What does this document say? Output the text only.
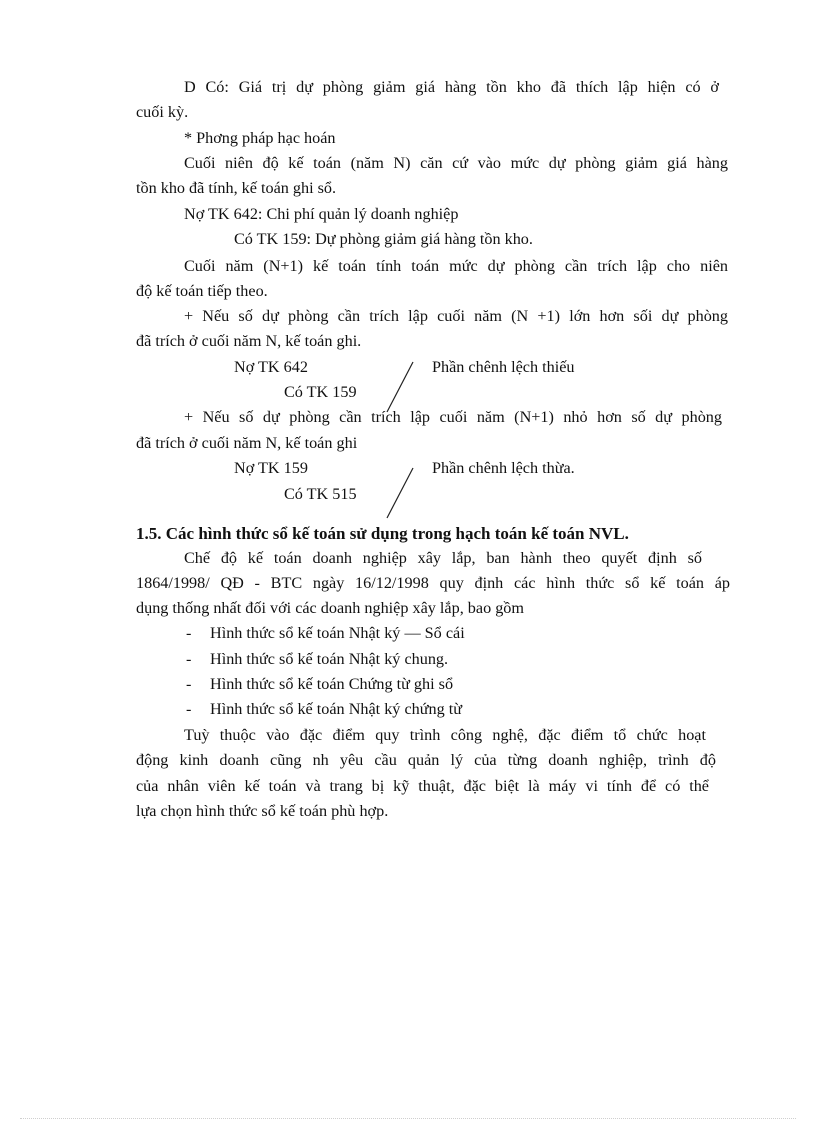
D Có: Giá trị dự phòng giảm giá hàng tồn kho đã thích lập hiện có ở
cuối kỳ.
* Phơng pháp hạc hoán
Cuối niên độ kế toán (năm N) căn cứ vào mức dự phòng giảm giá hàng
tồn kho đã tính, kế toán ghi sổ.
Nợ TK 642: Chi phí quản lý doanh nghiệp
Có TK 159: Dự phòng giảm giá hàng tồn kho.
Cuối năm (N+1) kế toán tính toán mức dự phòng cần trích lập cho niên
độ kế toán tiếp theo.
+ Nếu số dự phòng cần trích lập cuối năm (N +1) lớn hơn sối dự phòng
đã trích ở cuối năm N, kế toán ghi.
Nợ TK 642	Phần chênh lệch thiếu
Có TK 159
+ Nếu số dự phòng cần trích lập cuối năm (N+1) nhỏ hơn số dự phòng
đã trích ở cuối năm N, kế toán ghi
Nợ TK 159	Phần chênh lệch thừa.
Có TK 515
1.5. Các hình thức sổ kế toán sử dụng trong hạch toán kế toán NVL.
Chế độ kế toán doanh nghiệp xây lắp, ban hành theo quyết định số
1864/1998/ QĐ - BTC ngày 16/12/1998 quy định các hình thức sổ kế toán áp
dụng thống nhất đối với các doanh nghiệp xây lắp, bao gồm
- Hình thức sổ kế toán Nhật ký — Sổ cái
- Hình thức sổ kế toán Nhật ký chung.
- Hình thức sổ kế toán Chứng từ ghi sổ
- Hình thức sổ kế toán Nhật ký chứng từ
Tuỳ thuộc vào đặc điểm quy trình công nghệ, đặc điểm tổ chức hoạt
động kinh doanh cũng nh yêu cầu quản lý của từng doanh nghiệp, trình độ
của nhân viên kế toán và trang bị kỹ thuật, đặc biệt là máy vi tính để có thể
lựa chọn hình thức sổ kế toán phù hợp.
